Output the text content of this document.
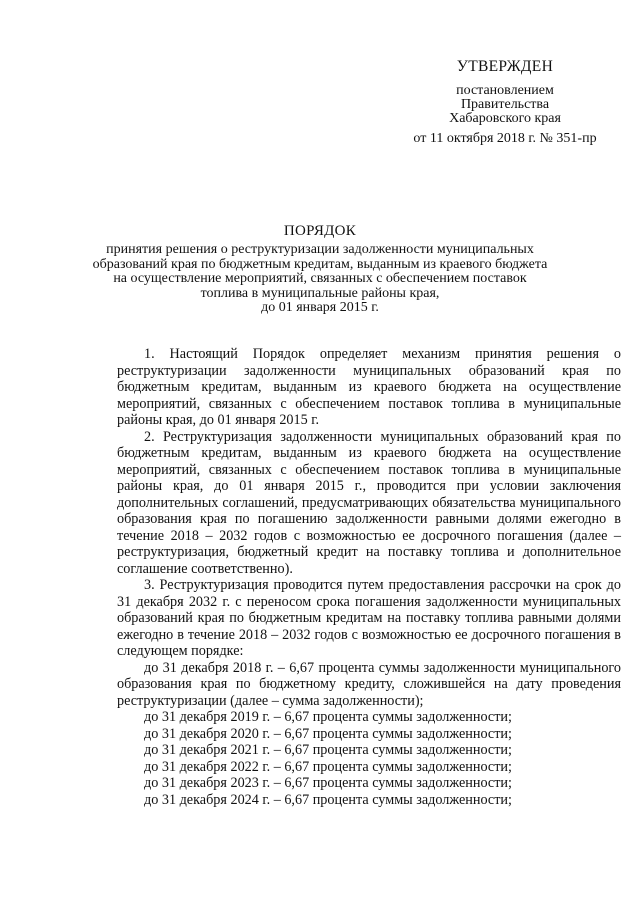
УТВЕРЖДЕН
постановлением
Правительства
Хабаровского края
от 11 октября 2018 г. № 351-пр
ПОРЯДОК
принятия решения о реструктуризации задолженности муниципальных
образований края по бюджетным кредитам, выданным из краевого бюджета
на осуществление мероприятий, связанных с обеспечением поставок
топлива в муниципальные районы края,
до 01 января 2015 г.

1. Настоящий Порядок определяет механизм принятия решения о реструктуризации задолженности муниципальных образований края по бюджетным кредитам, выданным из краевого бюджета на осуществление мероприятий, связанных с обеспечением поставок топлива в муниципальные районы края, до 01 января 2015 г.

2. Реструктуризация задолженности муниципальных образований края по бюджетным кредитам, выданным из краевого бюджета на осуществление мероприятий, связанных с обеспечением поставок топлива в муниципальные районы края, до 01 января 2015 г., проводится при условии заключения дополнительных соглашений, предусматривающих обязательства муниципального образования края по погашению задолженности равными долями ежегодно в течение 2018 – 2032 годов с возможностью ее досрочного погашения (далее – реструктуризация, бюджетный кредит на поставку топлива и дополнительное соглашение соответственно).

3. Реструктуризация проводится путем предоставления рассрочки на срок до 31 декабря 2032 г. с переносом срока погашения задолженности муниципальных образований края по бюджетным кредитам на поставку топлива равными долями ежегодно в течение 2018 – 2032 годов с возможностью ее досрочного погашения в следующем порядке:

до 31 декабря 2018 г. – 6,67 процента суммы задолженности муниципального образования края по бюджетному кредиту, сложившейся на дату проведения реструктуризации (далее – сумма задолженности);

до 31 декабря 2019 г. – 6,67 процента суммы задолженности;

до 31 декабря 2020 г. – 6,67 процента суммы задолженности;

до 31 декабря 2021 г. – 6,67 процента суммы задолженности;

до 31 декабря 2022 г. – 6,67 процента суммы задолженности;

до 31 декабря 2023 г. – 6,67 процента суммы задолженности;

до 31 декабря 2024 г. – 6,67 процента суммы задолженности;
